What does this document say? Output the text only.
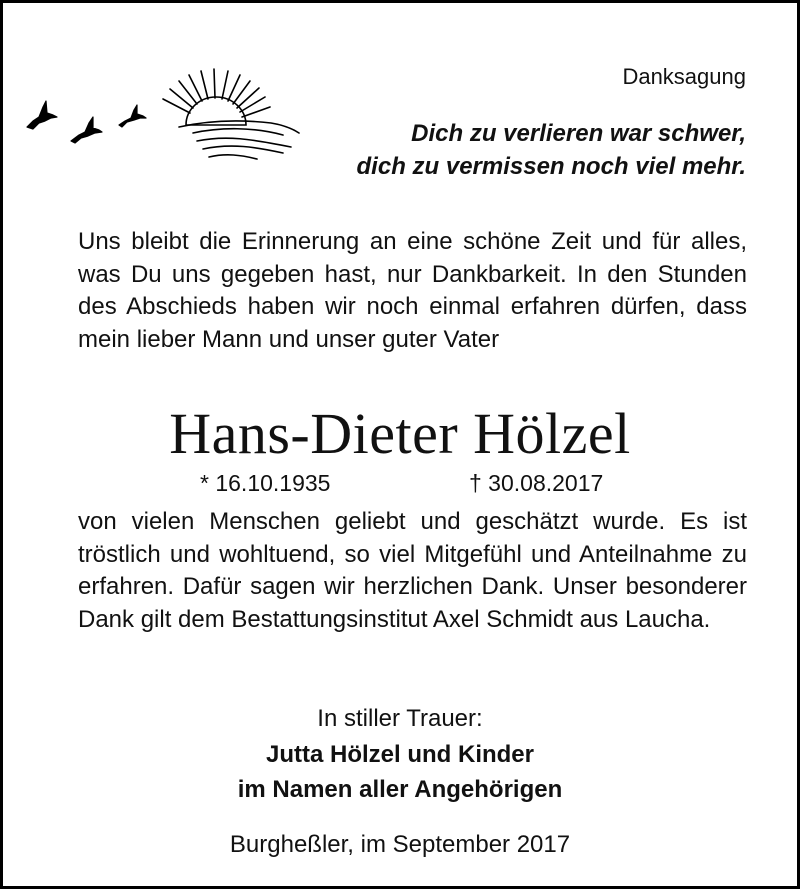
Danksagung
Dich zu verlieren war schwer,
dich zu vermissen noch viel mehr.
Uns bleibt die Erinnerung an eine schöne Zeit und für alles, was Du uns gegeben hast, nur Dankbarkeit. In den Stunden des Abschieds haben wir noch einmal erfahren dürfen, dass mein lieber Mann und unser guter Vater
Hans-Dieter Hölzel
* 16.10.1935	† 30.08.2017
von vielen Menschen geliebt und geschätzt wurde. Es ist tröstlich und wohltuend, so viel Mitgefühl und Anteilnahme zu erfahren. Dafür sagen wir herzlichen Dank. Unser besonderer Dank gilt dem Bestattungsinstitut Axel Schmidt aus Laucha.
In stiller Trauer:
Jutta Hölzel und Kinder
im Namen aller Angehörigen
Burgheßler, im September 2017
